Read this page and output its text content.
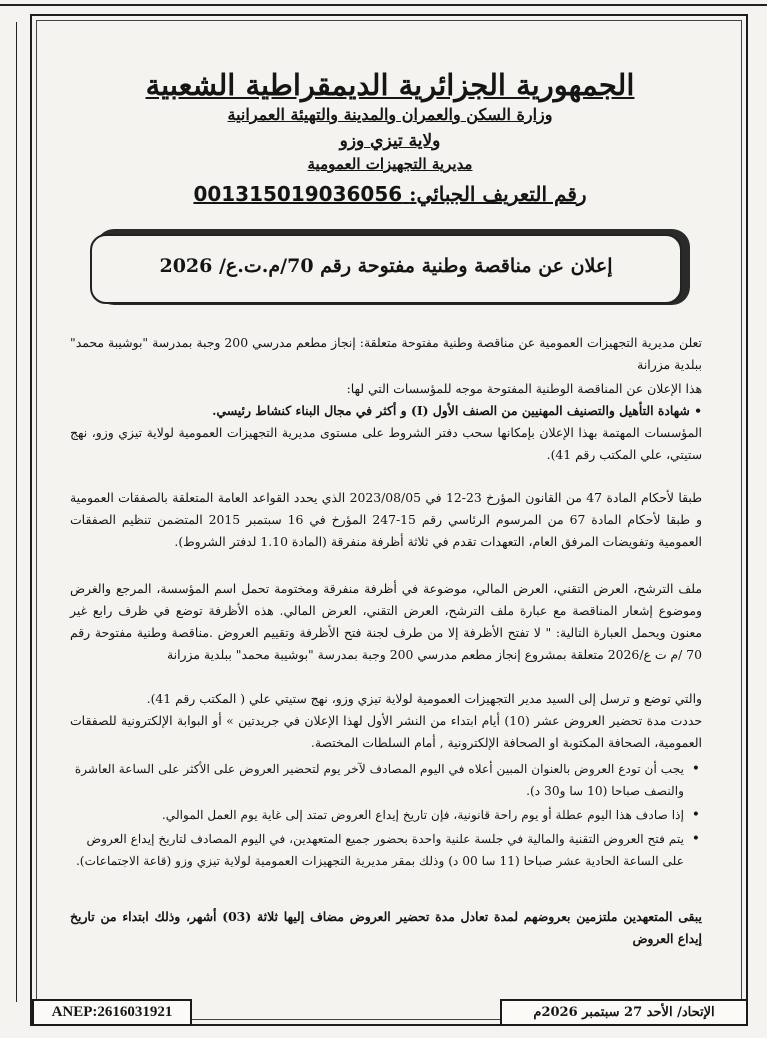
الجمهورية الجزائرية الديمقراطية الشعبية
وزارة السكن والعمران والمدينة والتهيئة العمرانية
ولاية تيزي وزو
مديرية التجهيزات العمومية
رقم التعريف الجبائي: 001315019036056
إعلان عن مناقصة وطنية مفتوحة رقم 70/م.ت.ع/ 2026
تعلن مديرية التجهيزات العمومية عن مناقصة وطنية مفتوحة متعلقة: إنجاز مطعم مدرسي 200 وجبة بمدرسة "بوشيبة محمد" ببلدية مزرانة
هذا الإعلان عن المناقصة الوطنية المفتوحة موجه للمؤسسات التي لها:
• شهادة التأهيل والتصنيف المهنيين من الصنف الأول (I) و أكثر في مجال البناء كنشاط رئيسي.
المؤسسات المهتمة بهذا الإعلان بإمكانها سحب دفتر الشروط على مستوى مديرية التجهيزات العمومية لولاية تيزي وزو، نهج ستيتي، علي المكتب رقم 41).
طبقا لأحكام المادة 47 من القانون المؤرخ 23-12 في 2023/08/05 الذي يحدد القواعد العامة المتعلقة بالصفقات العمومية و طبقا لأحكام المادة 67 من المرسوم الرئاسي رقم 15-247 المؤرخ في 16 سبتمبر 2015 المتضمن تنظيم الصفقات العمومية وتفويضات المرفق العام، التعهدات تقدم في ثلاثة أظرفة منفرقة (المادة 1.10 لدفتر الشروط).
ملف الترشح، العرض التقني، العرض المالي، موضوعة في أظرفة منفرقة ومختومة تحمل اسم المؤسسة، المرجع والغرض وموضوع إشعار المناقصة مع عبارة ملف الترشح، العرض التقني، العرض المالي. هذه الأظرفة توضع في ظرف رابع غير معنون ويحمل العبارة التالية: " لا تفتح الأظرفة إلا من طرف لجنة فتح الأظرفة وتقييم العروض .مناقصة وطنية مفتوحة رقم 70 /م ت ع/2026 متعلقة بمشروع إنجاز مطعم مدرسي 200 وجبة بمدرسة "بوشيبة محمد" ببلدية مزرانة
والتي توضع و ترسل إلى السيد مدير التجهيزات العمومية لولاية تيزي وزو، نهج ستيتي علي ( المكتب رقم 41).
حددت مدة تحضير العروض عشر (10) أيام ابتداء من النشر الأول لهذا الإعلان في جريدتين » أو البوابة الإلكترونية للصفقات العمومية، الصحافة المكتوبة او الصحافة الإلكترونية , أمام السلطات المختصة.
• يجب أن تودع العروض بالعنوان المبين أعلاه في اليوم المصادف لآخر يوم لتحضير العروض على الأكثر على الساعة العاشرة والنصف صباحا (10 سا و30 د).
• إذا صادف هذا اليوم عطلة أو يوم راحة قانونية، فإن تاريخ إيداع العروض تمتد إلى غاية يوم العمل الموالي.
• يتم فتح العروض التقنية والمالية في جلسة علنية واحدة بحضور جميع المتعهدين، في اليوم المصادف لتاريخ إيداع العروض على الساعة الحادية عشر صباحا (11 سا 00 د) وذلك بمقر مديرية التجهيزات العمومية لولاية تيزي وزو (قاعة الاجتماعات).
يبقى المتعهدين ملتزمين بعروضهم لمدة تعادل مدة تحضير العروض مضاف إليها ثلاثة (03) أشهر، وذلك ابتداء من تاريخ إيداع العروض
ANEP:2616031921	الإتحاد/ الأحد 27 سبتمبر 2026م
